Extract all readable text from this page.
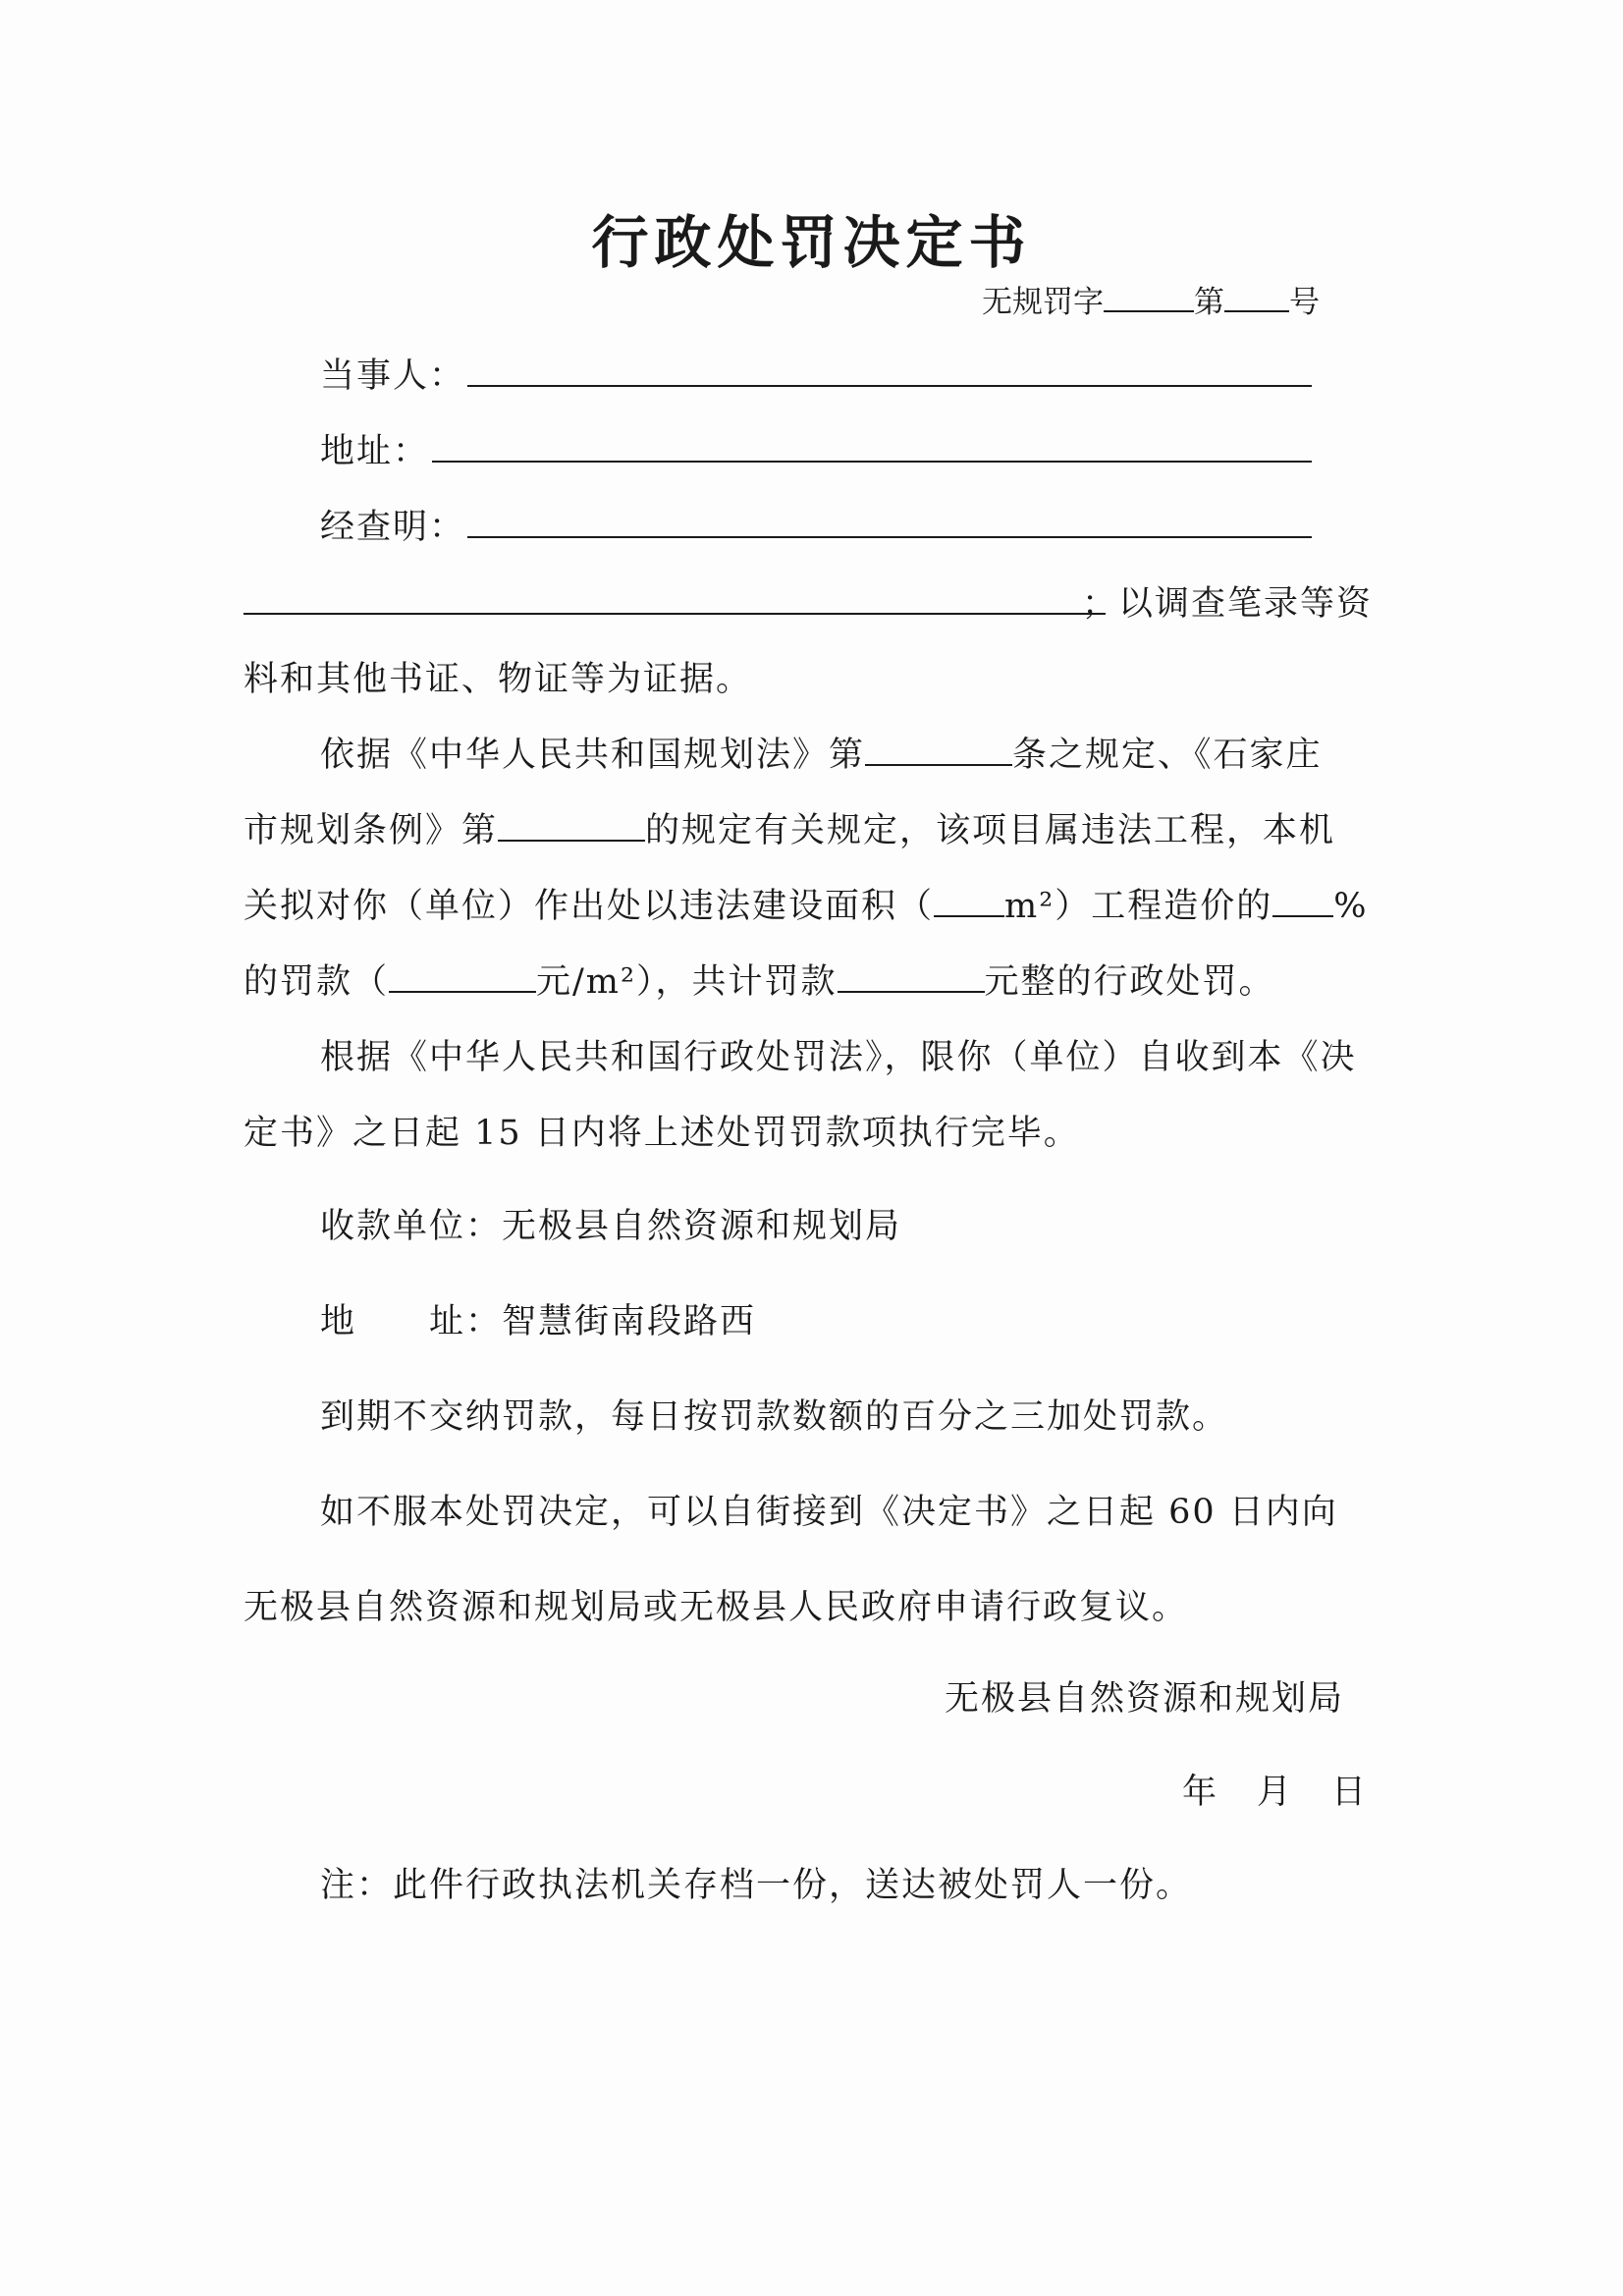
行政处罚决定书
无规罚字	第 号
当事人：
地址：
经查明：
；以调查笔录等资
料和其他书证、物证等为证据。
依据《中华人民共和国规划法》第	条之规定、《石家庄
市规划条例》第	的规定有关规定，该项目属违法工程，本机
关拟对你（单位）作出处以违法建设面积（ m²）工程造价的 %
的罚款（	元/m²），共计罚款	元整的行政处罚。
根据《中华人民共和国行政处罚法》，限你（单位）自收到本《决
定书》之日起 15 日内将上述处罚罚款项执行完毕。
收款单位：无极县自然资源和规划局
地　　址：智慧街南段路西
到期不交纳罚款，每日按罚款数额的百分之三加处罚款。
如不服本处罚决定，可以自街接到《决定书》之日起 60 日内向
无极县自然资源和规划局或无极县人民政府申请行政复议。
无极县自然资源和规划局
年 月 日
注：此件行政执法机关存档一份，送达被处罚人一份。
